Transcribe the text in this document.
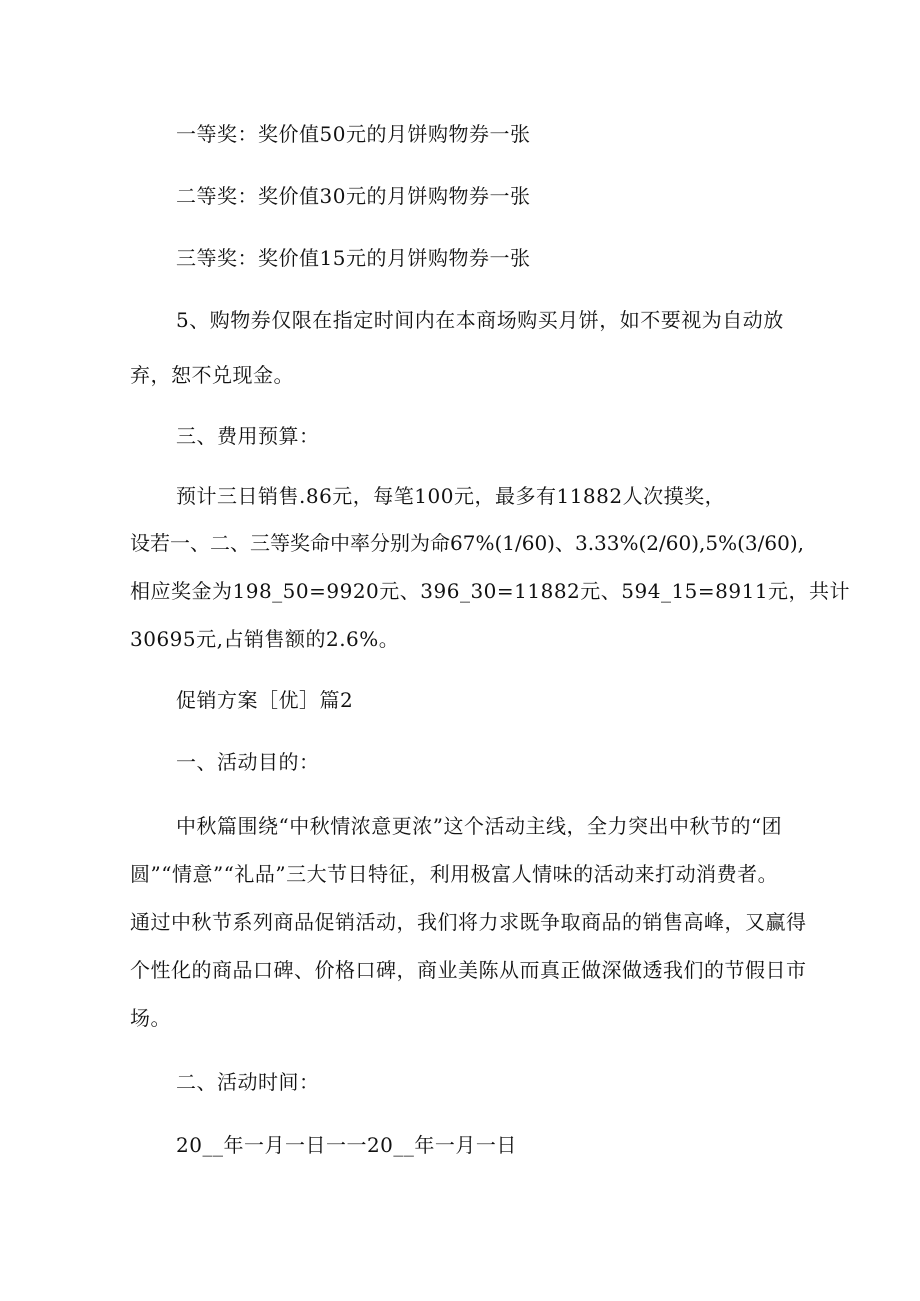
一等奖：奖价值50元的月饼购物券一张
二等奖：奖价值30元的月饼购物券一张
三等奖：奖价值15元的月饼购物券一张
5、购物券仅限在指定时间内在本商场购买月饼，如不要视为自动放
弃，恕不兑现金。
三、费用预算：
预计三日销售.86元，每笔100元，最多有11882人次摸奖，
设若一、二、三等奖命中率分别为命67%(1/60)、3.33%(2/60),5%(3/60),
相应奖金为198_50=9920元、396_30=11882元、594_15=8911元，共计
30695元,占销售额的2.6%。
促销方案［优］篇2
一、活动目的：
中秋篇围绕“中秋情浓意更浓”这个活动主线，全力突出中秋节的“团
圆”“情意”“礼品”三大节日特征，利用极富人情味的活动来打动消费者。
通过中秋节系列商品促销活动，我们将力求既争取商品的销售高峰，又赢得
个性化的商品口碑、价格口碑，商业美陈从而真正做深做透我们的节假日市
场。
二、活动时间：
20__年一月一日一一20__年一月一日
